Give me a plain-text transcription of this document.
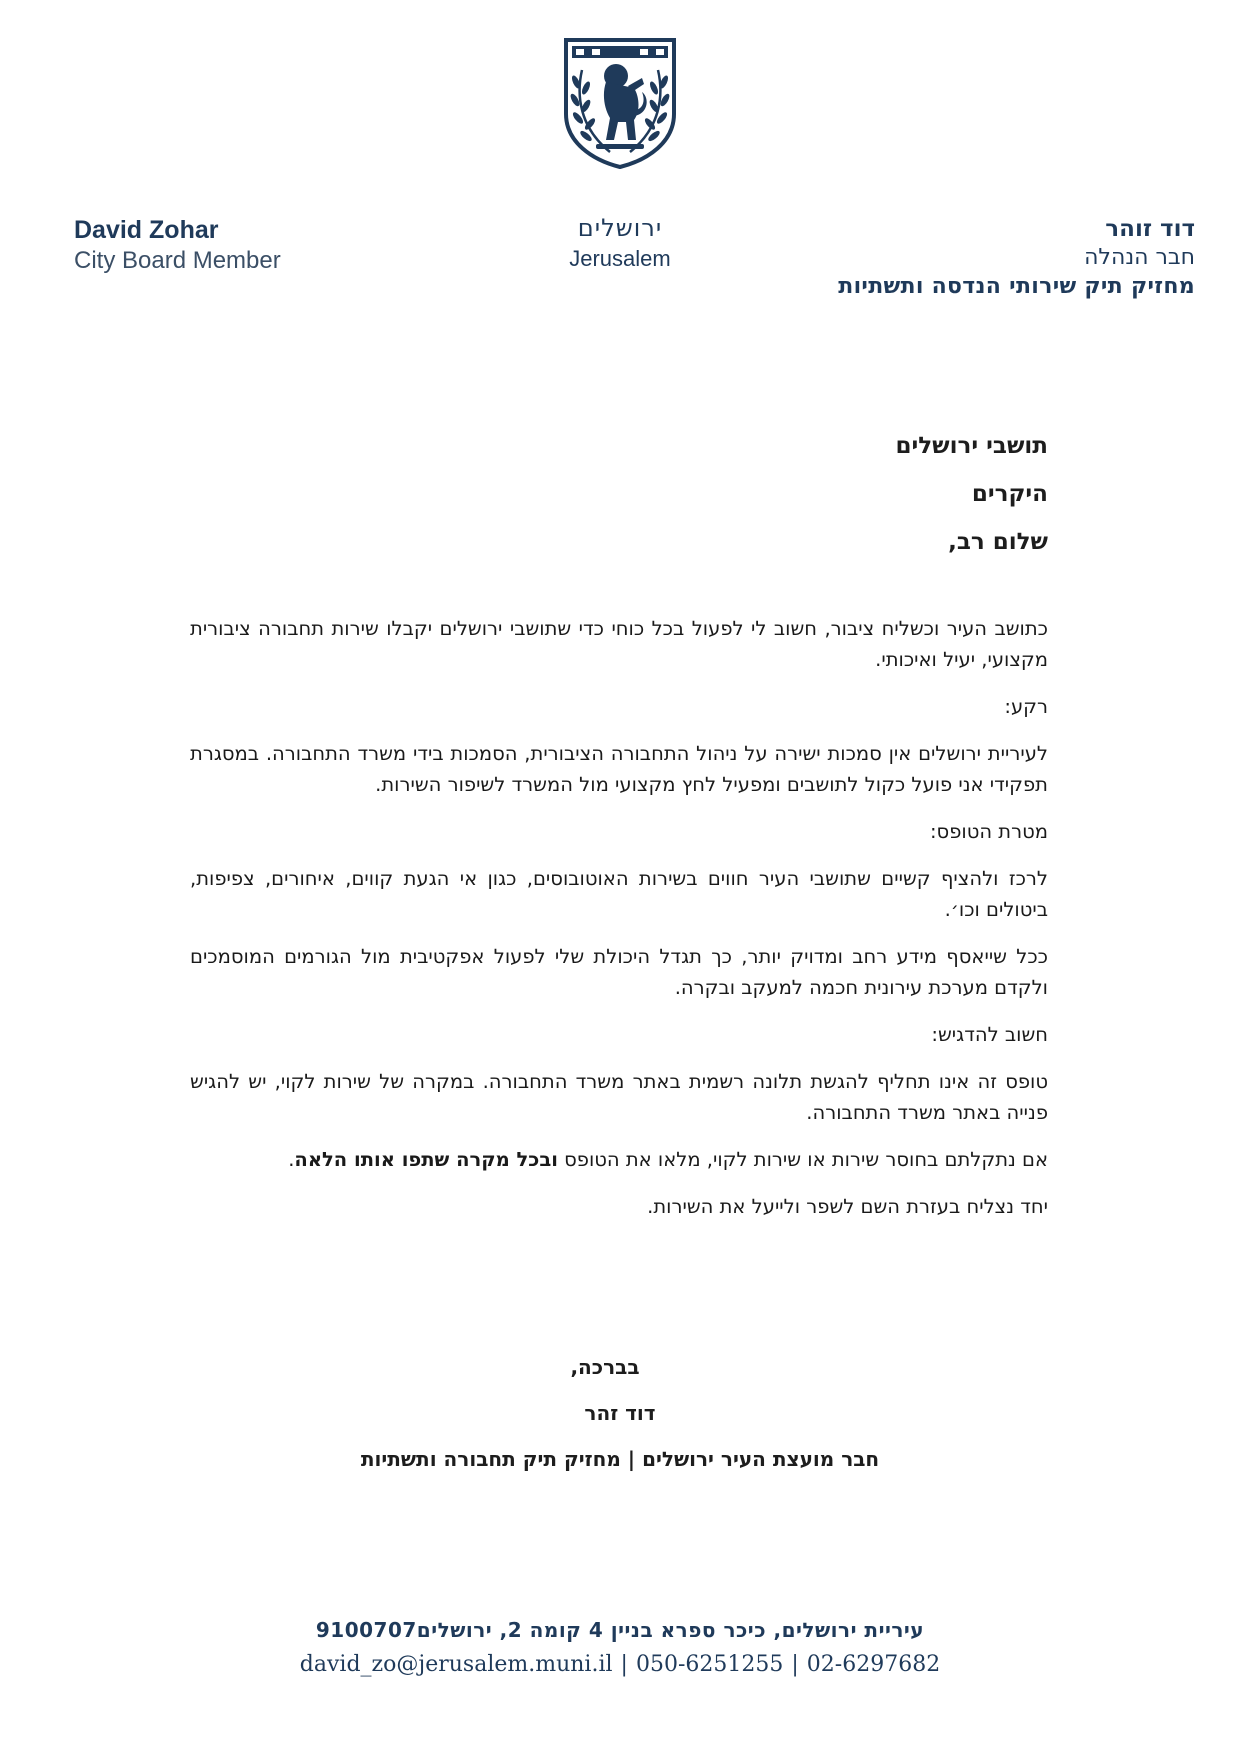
ירושלים
Jerusalem
David Zohar
City Board Member
דוד זוהר
חבר הנהלה
מחזיק תיק שירותי הנדסה ותשתיות
תושבי ירושלים
היקרים
שלום רב,

כתושב העיר וכשליח ציבור, חשוב לי לפעול בכל כוחי כדי שתושבי ירושלים יקבלו שירות תחבורה ציבורית מקצועי, יעיל ואיכותי.

רקע:

לעיריית ירושלים אין סמכות ישירה על ניהול התחבורה הציבורית, הסמכות בידי משרד התחבורה. במסגרת תפקידי אני פועל כקול לתושבים ומפעיל לחץ מקצועי מול המשרד לשיפור השירות.

מטרת הטופס:

לרכז ולהציף קשיים שתושבי העיר חווים בשירות האוטובוסים, כגון אי הגעת קווים, איחורים, צפיפות, ביטולים וכו׳.

ככל שייאסף מידע רחב ומדויק יותר, כך תגדל היכולת שלי לפעול אפקטיבית מול הגורמים המוסמכים ולקדם מערכת עירונית חכמה למעקב ובקרה.

חשוב להדגיש:

טופס זה אינו תחליף להגשת תלונה רשמית באתר משרד התחבורה. במקרה של שירות לקוי, יש להגיש פנייה באתר משרד התחבורה.

אם נתקלתם בחוסר שירות או שירות לקוי, מלאו את הטופס ובכל מקרה שתפו אותו הלאה.

יחד נצליח בעזרת השם לשפר ולייעל את השירות.

בברכה,
דוד זהר
חבר מועצת העיר ירושלים | מחזיק תיק תחבורה ותשתיות
עיריית ירושלים, כיכר ספרא בניין 4 קומה 2, ירושלים9100707
david_zo@jerusalem.muni.il | 050-6251255 | 02-6297682
